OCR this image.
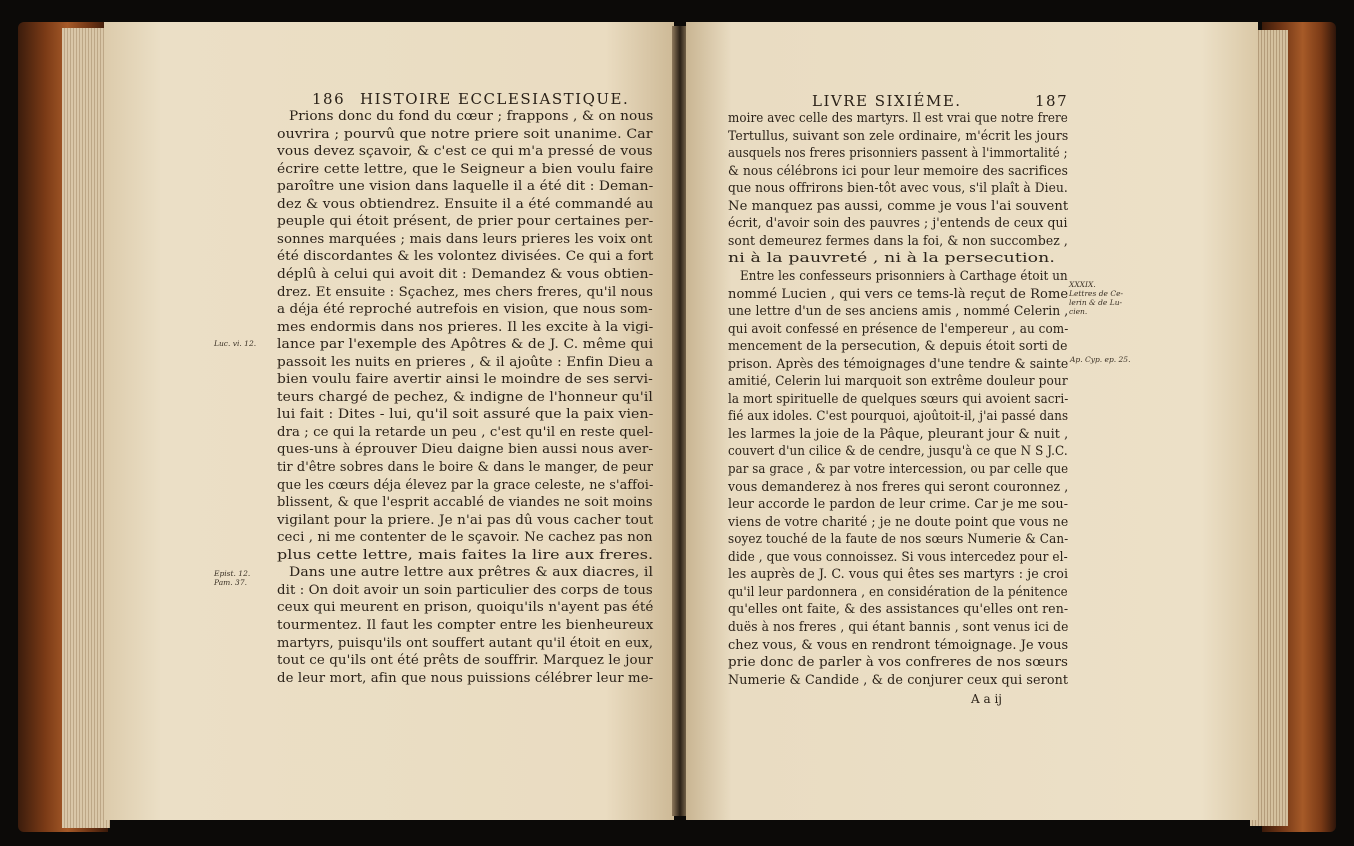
186 HISTOIRE ECCLESIASTIQUE.
Prions donc du fond du cœur ; frappons , & on nous
ouvrira ; pourvû que notre priere soit unanime. Car
vous devez sçavoir, & c'est ce qui m'a pressé de vous
écrire cette lettre, que le Seigneur a bien voulu faire
paroître une vision dans laquelle il a été dit : Deman-
dez & vous obtiendrez. Ensuite il a été commandé au
peuple qui étoit présent, de prier pour certaines per-
sonnes marquées ; mais dans leurs prieres les voix ont
été discordantes & les volontez divisées. Ce qui a fort
déplû à celui qui avoit dit : Demandez & vous obtien-
drez. Et ensuite : Sçachez, mes chers freres, qu'il nous
a déja été reproché autrefois en vision, que nous som-
mes endormis dans nos prieres. Il les excite à la vigi-
lance par l'exemple des Apôtres & de J. C. même qui
passoit les nuits en prieres , & il ajoûte : Enfin Dieu a
bien voulu faire avertir ainsi le moindre de ses servi-
teurs chargé de pechez, & indigne de l'honneur qu'il
lui fait : Dites - lui, qu'il soit assuré que la paix vien-
dra ; ce qui la retarde un peu , c'est qu'il en reste quel-
ques-uns à éprouver Dieu daigne bien aussi nous aver-
tir d'être sobres dans le boire & dans le manger, de peur
que les cœurs déja élevez par la grace celeste, ne s'affoi-
blissent, & que l'esprit accablé de viandes ne soit moins
vigilant pour la priere. Je n'ai pas dû vous cacher tout
ceci , ni me contenter de le sçavoir. Ne cachez pas non
plus cette lettre, mais faites la lire aux freres.
Dans une autre lettre aux prêtres & aux diacres, il
dit : On doit avoir un soin particulier des corps de tous
ceux qui meurent en prison, quoiqu'ils n'ayent pas été
tourmentez. Il faut les compter entre les bienheureux
martyrs, puisqu'ils ont souffert autant qu'il étoit en eux,
tout ce qu'ils ont été prêts de souffrir. Marquez le jour
de leur mort, afin que nous puissions célébrer leur me-
Luc. vi. 12.
Epist. 12.
Pam. 37.
LIVRE SIXIÉME.	187
moire avec celle des martyrs. Il est vrai que notre frere
Tertullus, suivant son zele ordinaire, m'écrit les jours
ausquels nos freres prisonniers passent à l'immortalité ;
& nous célébrons ici pour leur memoire des sacrifices
que nous offrirons bien-tôt avec vous, s'il plaît à Dieu.
Ne manquez pas aussi, comme je vous l'ai souvent
écrit, d'avoir soin des pauvres ; j'entends de ceux qui
sont demeurez fermes dans la foi, & non succombez ,
ni à la pauvreté , ni à la persecution.
Entre les confesseurs prisonniers à Carthage étoit un
nommé Lucien , qui vers ce tems-là reçut de Rome
une lettre d'un de ses anciens amis , nommé Celerin ,
qui avoit confessé en présence de l'empereur , au com-
mencement de la persecution, & depuis étoit sorti de
prison. Après des témoignages d'une tendre & sainte
amitié, Celerin lui marquoit son extrême douleur pour
la mort spirituelle de quelques sœurs qui avoient sacri-
fié aux idoles. C'est pourquoi, ajoûtoit-il, j'ai passé dans
les larmes la joie de la Pâque, pleurant jour & nuit ,
couvert d'un cilice & de cendre, jusqu'à ce que N S J.C.
par sa grace , & par votre intercession, ou par celle que
vous demanderez à nos freres qui seront couronnez ,
leur accorde le pardon de leur crime. Car je me sou-
viens de votre charité ; je ne doute point que vous ne
soyez touché de la faute de nos sœurs Numerie & Can-
dide , que vous connoissez. Si vous intercedez pour el-
les auprès de J. C. vous qui êtes ses martyrs : je croi
qu'il leur pardonnera , en considération de la pénitence
qu'elles ont faite, & des assistances qu'elles ont ren-
duës à nos freres , qui étant bannis , sont venus ici de
chez vous, & vous en rendront témoignage. Je vous
prie donc de parler à vos confreres de nos sœurs
Numerie & Candide , & de conjurer ceux qui seront
XXXIX.
Lettres de Ce-
lerin & de Lu-
cien.
Ap. Cyp. ep. 25.
A a ij
